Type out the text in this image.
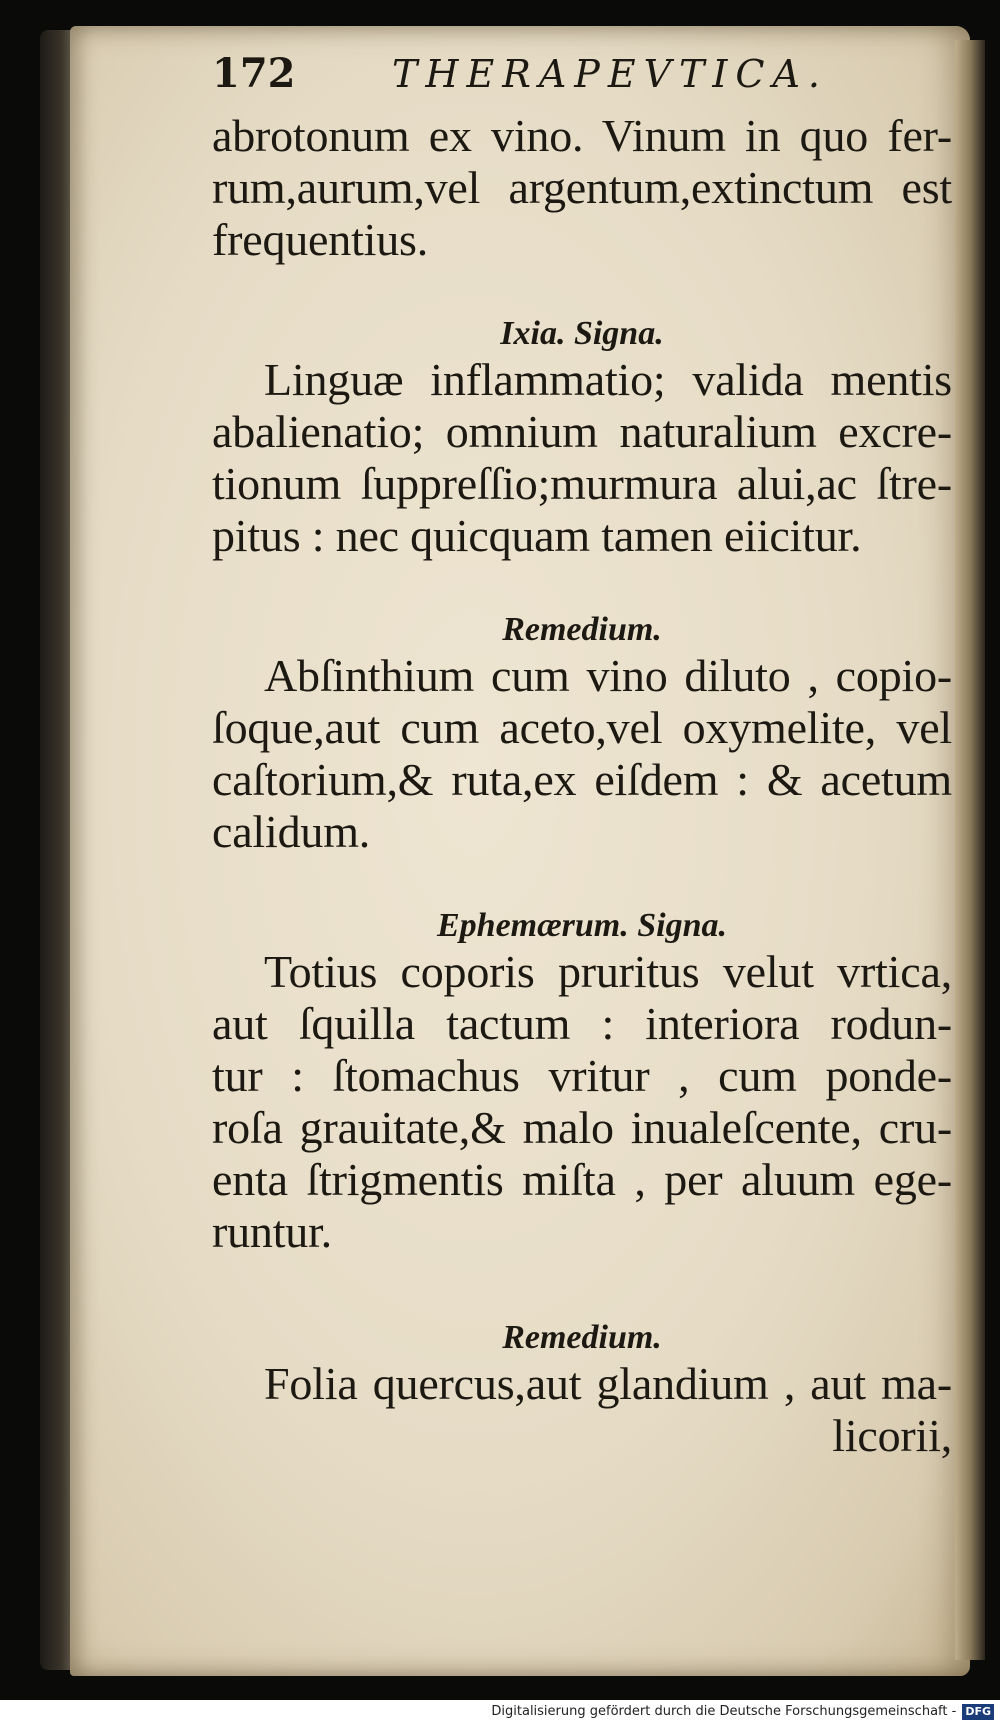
172	THERAPEVTICA.
abrotonum ex vino. Vinum in quo fer-
rum,aurum,vel argentum,extinctum est
frequentius.
Ixia. Signa.
Linguæ inflammatio; valida mentis
abalienatio; omnium naturalium excre-
tionum ſuppreſſio;murmura alui,ac ſtre-
pitus : nec quicquam tamen eiicitur.
Remedium.
Abſinthium cum vino diluto , copio-
ſoque,aut cum aceto,vel oxymelite, vel
caſtorium,& ruta,ex eiſdem : & acetum
calidum.
Ephemærum. Signa.
Totius coporis pruritus velut vrtica,
aut ſquilla tactum : interiora rodun-
tur : ſtomachus vritur , cum ponde-
roſa grauitate,& malo inualeſcente, cru-
enta ſtrigmentis miſta , per aluum ege-
runtur.
Remedium.
Folia quercus,aut glandium , aut ma-
licorii,
Digitalisierung gefördert durch die Deutsche Forschungsgemeinschaft - DFG
